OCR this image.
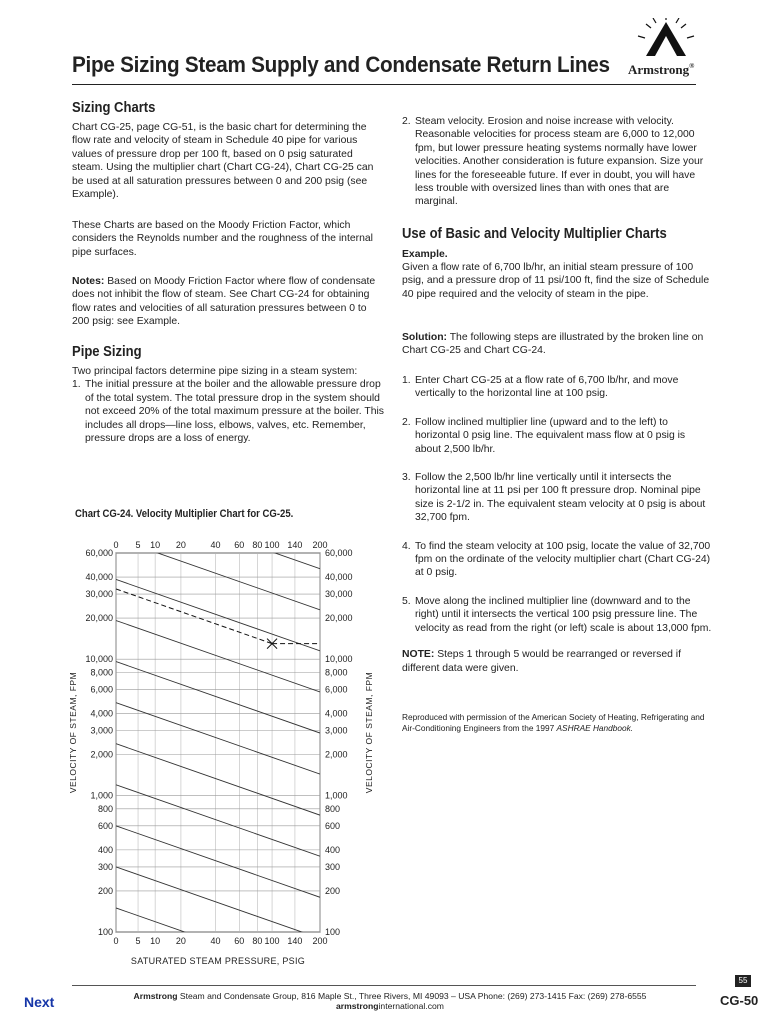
Pipe Sizing Steam Supply and Condensate Return Lines Armstrong®
Sizing Charts
Chart CG-25, page CG-51, is the basic chart for determining the flow rate and velocity of steam in Schedule 40 pipe for various values of pressure drop per 100 ft, based on 0 psig saturated steam. Using the multiplier chart (Chart CG-24), Chart CG-25 can be used at all saturation pressures between 0 and 200 psig (see Example).
These Charts are based on the Moody Friction Factor, which considers the Reynolds number and the roughness of the internal pipe surfaces.
Notes: Based on Moody Friction Factor where flow of condensate does not inhibit the flow of steam. See Chart CG-24 for obtaining flow rates and velocities of all saturation pressures between 0 to 200 psig: see Example.
Pipe Sizing
Two principal factors determine pipe sizing in a steam system:
1. The initial pressure at the boiler and the allowable pressure drop of the total system. The total pressure drop in the system should not exceed 20% of the total maximum pressure at the boiler. This includes all drops—line loss, elbows, valves, etc. Remember, pressure drops are a loss of energy.
Chart CG-24. Velocity Multiplier Chart for CG-25.
0
0
5
5
10
10
20
20
40
40
60
60
80
80
100
100
140
140
200
200
100	100
200	200
300	300
400	400
600	600
800	800
1,000	1,000
2,000	2,000
3,000	3,000
4,000	4,000
6,000	6,000
8,000	8,000
10,000	10,000
20,000	20,000
30,000	30,000
40,000	40,000
60,000	60,000
SATURATED STEAM PRESSURE, PSIG
VELOCITY OF STEAM, FPM	VELOCITY OF STEAM, FPM
2. Steam velocity. Erosion and noise increase with velocity. Reasonable velocities for process steam are 6,000 to 12,000 fpm, but lower pressure heating systems normally have lower velocities. Another consideration is future expansion. Size your lines for the foreseeable future. If ever in doubt, you will have less trouble with oversized lines than with ones that are marginal.
Use of Basic and Velocity Multiplier Charts
Example.
Given a flow rate of 6,700 lb/hr, an initial steam pressure of 100 psig, and a pressure drop of 11 psi/100 ft, find the size of Schedule 40 pipe required and the velocity of steam in the pipe.
Solution: The following steps are illustrated by the broken line on Chart CG-25 and Chart CG-24.
1. Enter Chart CG-25 at a flow rate of 6,700 lb/hr, and move vertically to the horizontal line at 100 psig.
2. Follow inclined multiplier line (upward and to the left) to horizontal 0 psig line. The equivalent mass flow at 0 psig is about 2,500 lb/hr.
3. Follow the 2,500 lb/hr line vertically until it intersects the horizontal line at 11 psi per 100 ft pressure drop. Nominal pipe size is 2-1/2 in. The equivalent steam velocity at 0 psig is about 32,700 fpm.
4. To find the steam velocity at 100 psig, locate the value of 32,700 fpm on the ordinate of the velocity multiplier chart (Chart CG-24) at 0 psig.
5. Move along the inclined multiplier line (downward and to the right) until it intersects the vertical 100 psig pressure line. The velocity as read from the right (or left) scale is about 13,000 fpm.
NOTE: Steps 1 through 5 would be rearranged or reversed if different data were given.
Reproduced with permission of the American Society of Heating, Refrigerating and Air-Conditioning Engineers from the 1997 ASHRAE Handbook.
Armstrong Steam and Condensate Group, 816 Maple St., Three Rivers, MI 49093 – USA Phone: (269) 273-1415 Fax: (269) 278-6555
armstronginternational.com
Next
55
CG-50
